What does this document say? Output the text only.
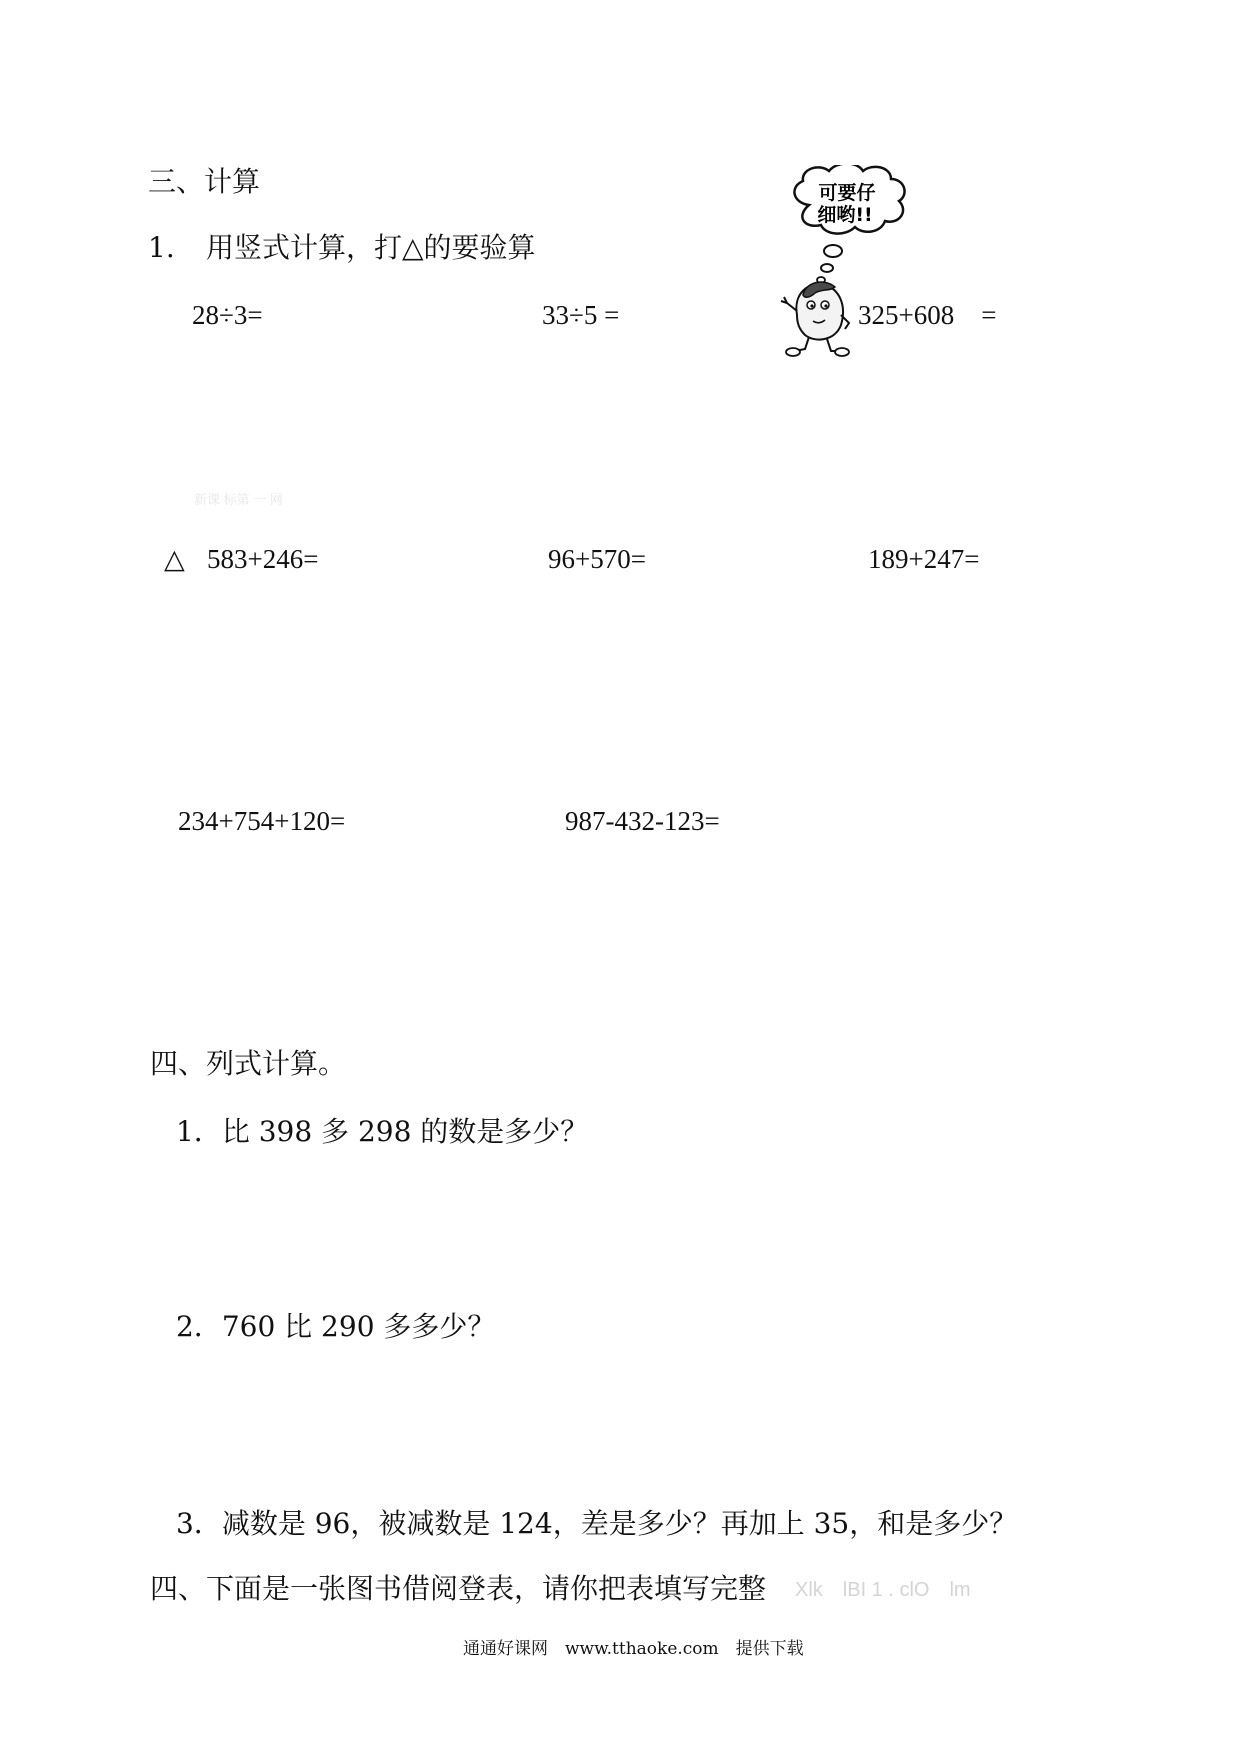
三、计算
1. 用竖式计算，打△的要验算
28÷3=	33÷5 =	325+608　=
可要仔
细哟!!
新课 标第 一 网
△ 583+246=	96+570=	189+247=
234+754+120=	987-432-123=
四、列式计算。
1．比 398 多 298 的数是多少？
2．760 比 290 多多少？
3．减数是 96，被减数是 124，差是多少？再加上 35，和是多少？
四、下面是一张图书借阅登表，请你把表填写完整 Xlk　lBI 1 . clO　lm
通通好课网　www.tthaoke.com　提供下载
